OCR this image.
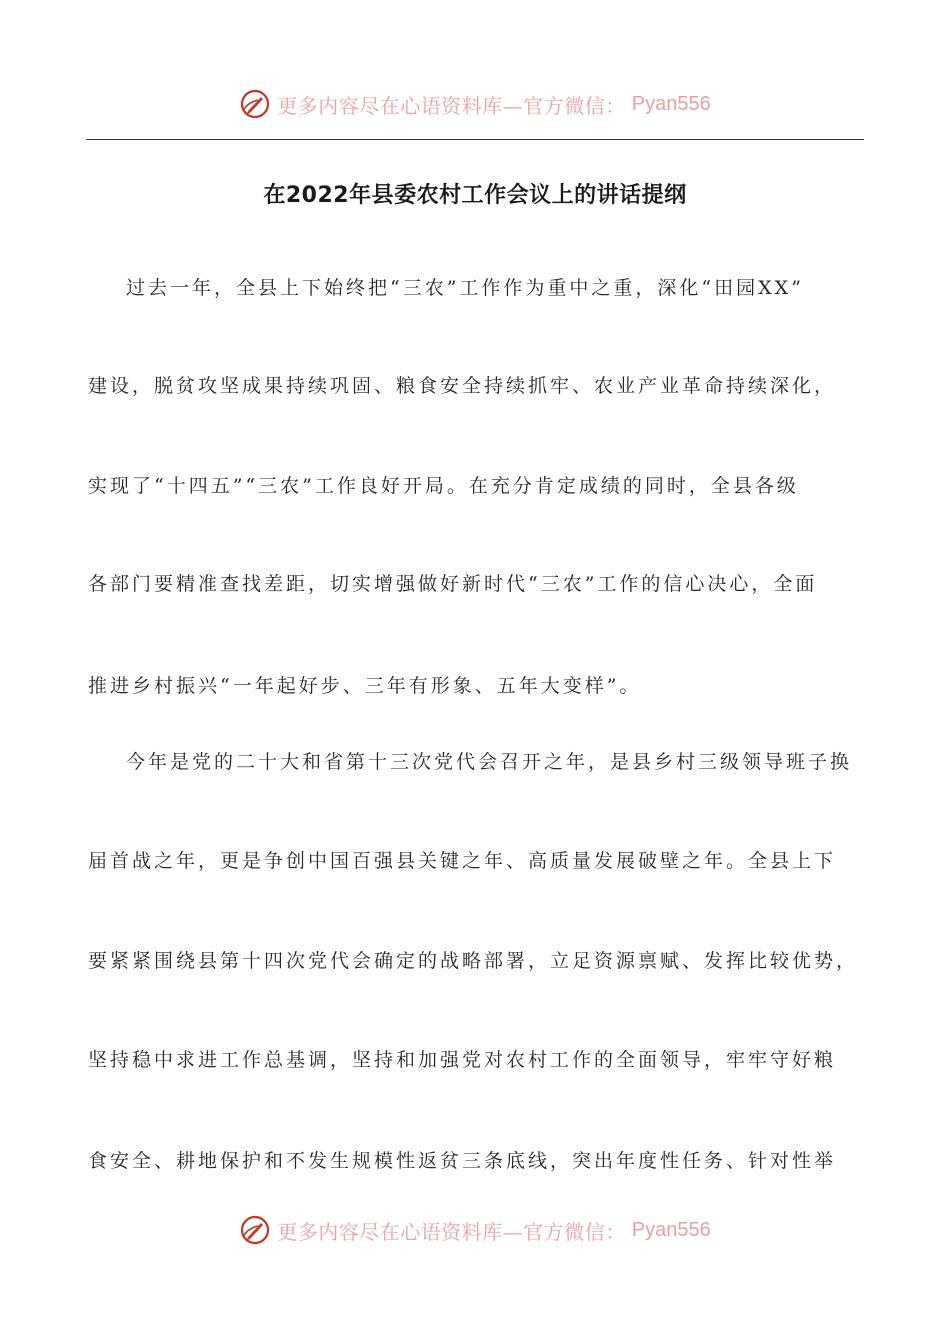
更多内容尽在心语资料库—官方微信： Pyan556
在2022年县委农村工作会议上的讲话提纲
过去一年，全县上下始终把“三农”工作作为重中之重，深化“田园XX”
建设，脱贫攻坚成果持续巩固、粮食安全持续抓牢、农业产业革命持续深化，
实现了“十四五”“三农”工作良好开局。在充分肯定成绩的同时，全县各级
各部门要精准查找差距，切实增强做好新时代“三农”工作的信心决心，全面
推进乡村振兴“一年起好步、三年有形象、五年大变样”。
今年是党的二十大和省第十三次党代会召开之年，是县乡村三级领导班子换
届首战之年，更是争创中国百强县关键之年、高质量发展破壁之年。全县上下
要紧紧围绕县第十四次党代会确定的战略部署，立足资源禀赋、发挥比较优势，
坚持稳中求进工作总基调，坚持和加强党对农村工作的全面领导，牢牢守好粮
食安全、耕地保护和不发生规模性返贫三条底线，突出年度性任务、针对性举
更多内容尽在心语资料库—官方微信： Pyan556
